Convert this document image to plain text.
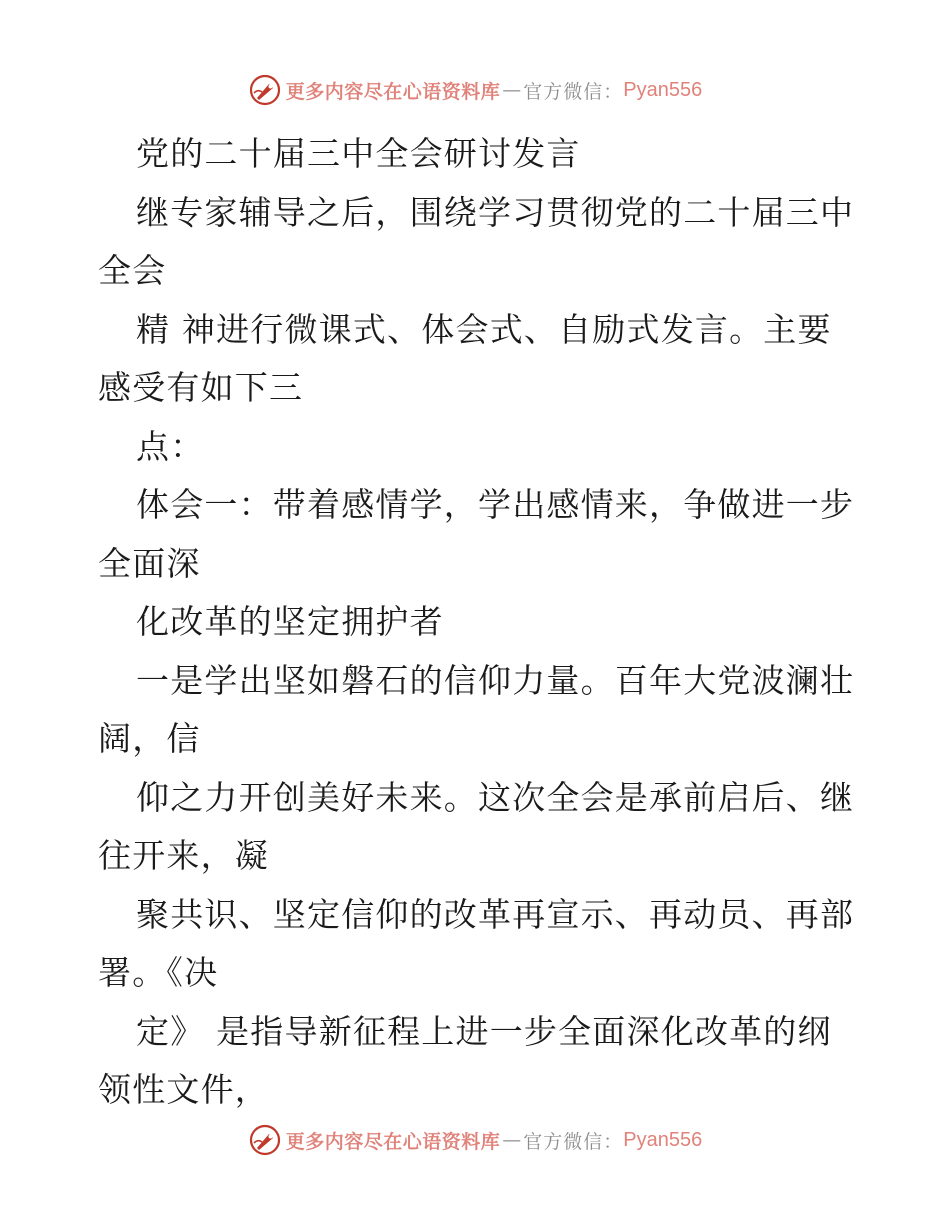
更多内容尽在心语资料库 — 官方微信： Pyan556
党的二十届三中全会研讨发言
继专家辅导之后，围绕学习贯彻党的二十届三中
全会
精 神进行微课式、体会式、自励式发言。主要
感受有如下三
点：
体会一：带着感情学，学出感情来，争做进一步
全面深
化改革的坚定拥护者
一是学出坚如磐石的信仰力量。百年大党波澜壮
阔，信
仰之力开创美好未来。这次全会是承前启后、继
往开来，凝
聚共识、坚定信仰的改革再宣示、再动员、再部
署。《决
定》 是指导新征程上进一步全面深化改革的纲
领性文件，
更多内容尽在心语资料库 — 官方微信： Pyan556
